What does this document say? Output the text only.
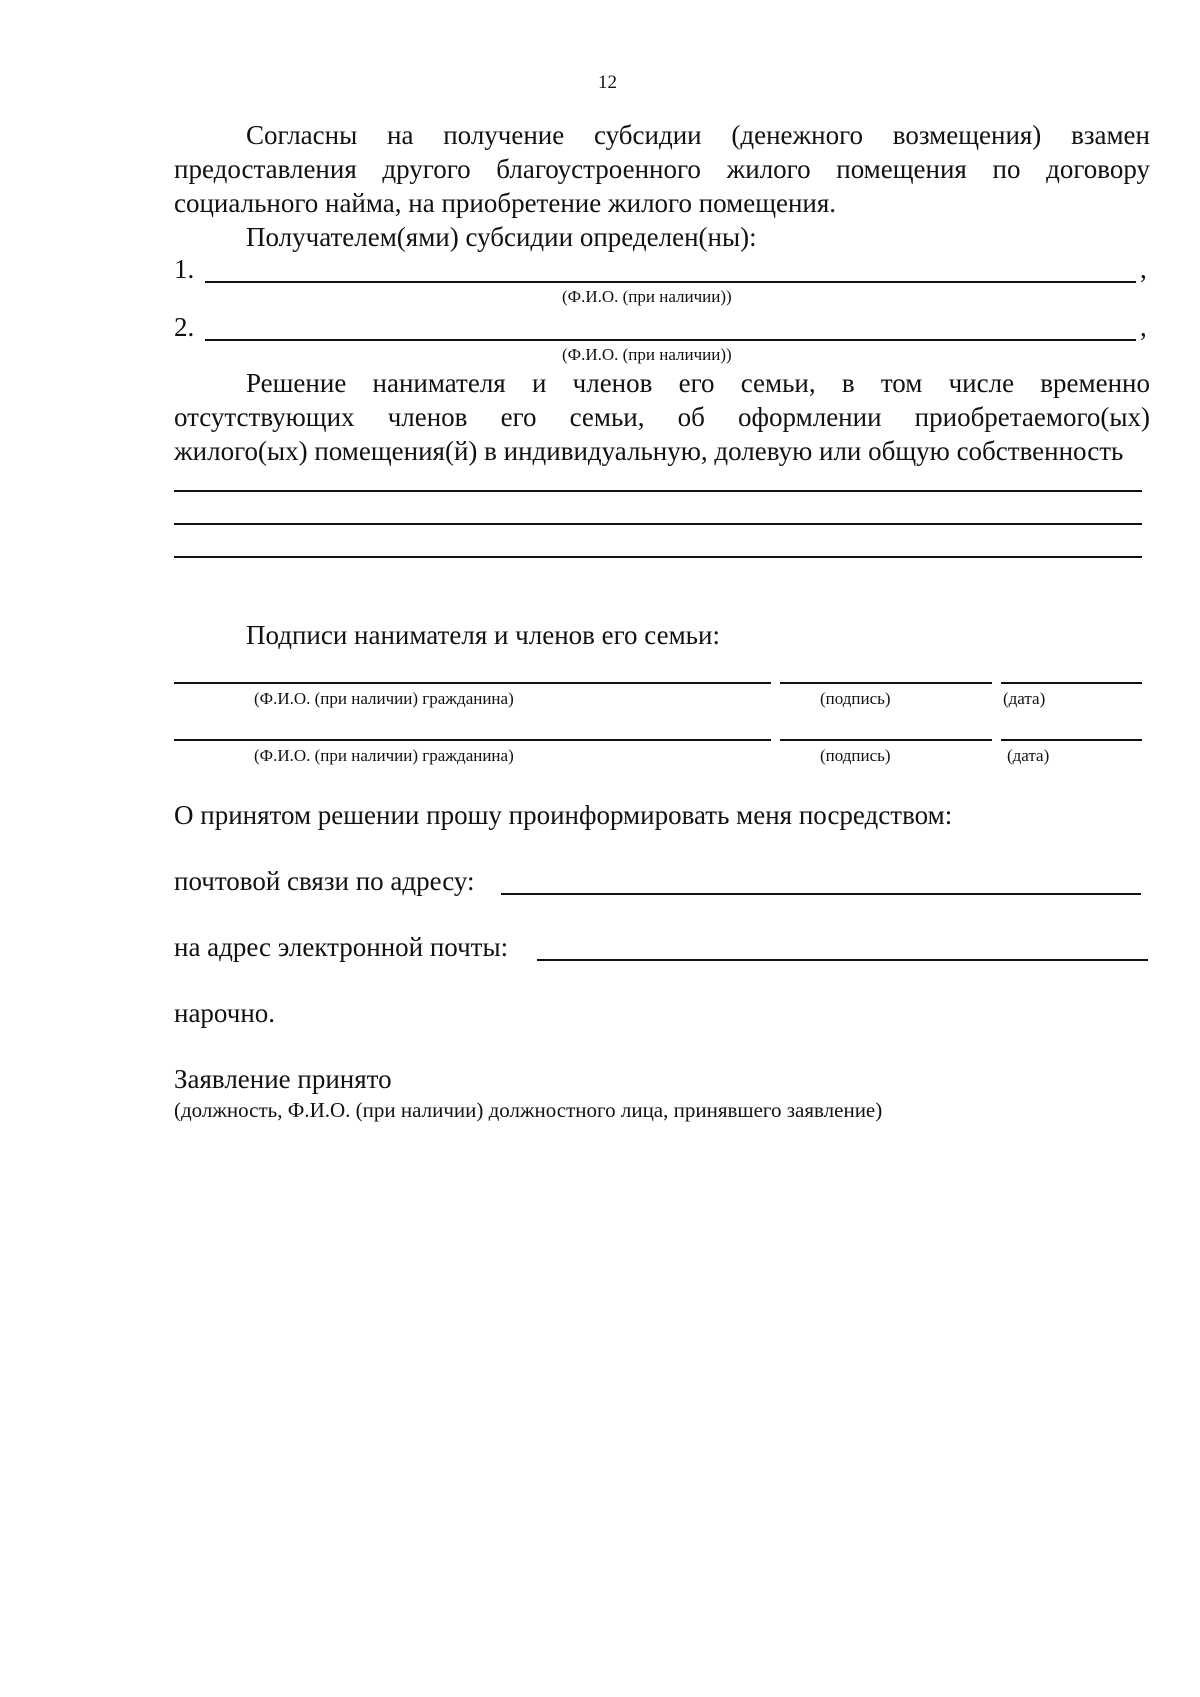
12
Согласны на получение субсидии (денежного возмещения) взамен
предоставления другого благоустроенного жилого помещения по договору
социального найма, на приобретение жилого помещения.
Получателем(ями) субсидии определен(ны):
1.	,
(Ф.И.О. (при наличии))
2.	,
(Ф.И.О. (при наличии))
Решение нанимателя и членов его семьи, в том числе временно
отсутствующих членов его семьи, об оформлении приобретаемого(ых)
жилого(ых) помещения(й) в индивидуальную, долевую или общую собственность
Подписи нанимателя и членов его семьи:
(Ф.И.О. (при наличии) гражданина)	(подпись)	(дата)
(Ф.И.О. (при наличии) гражданина)	(подпись)	(дата)
О принятом решении прошу проинформировать меня посредством:
почтовой связи по адресу:
на адрес электронной почты:
нарочно.
Заявление принято
(должность, Ф.И.О. (при наличии) должностного лица, принявшего заявление)
